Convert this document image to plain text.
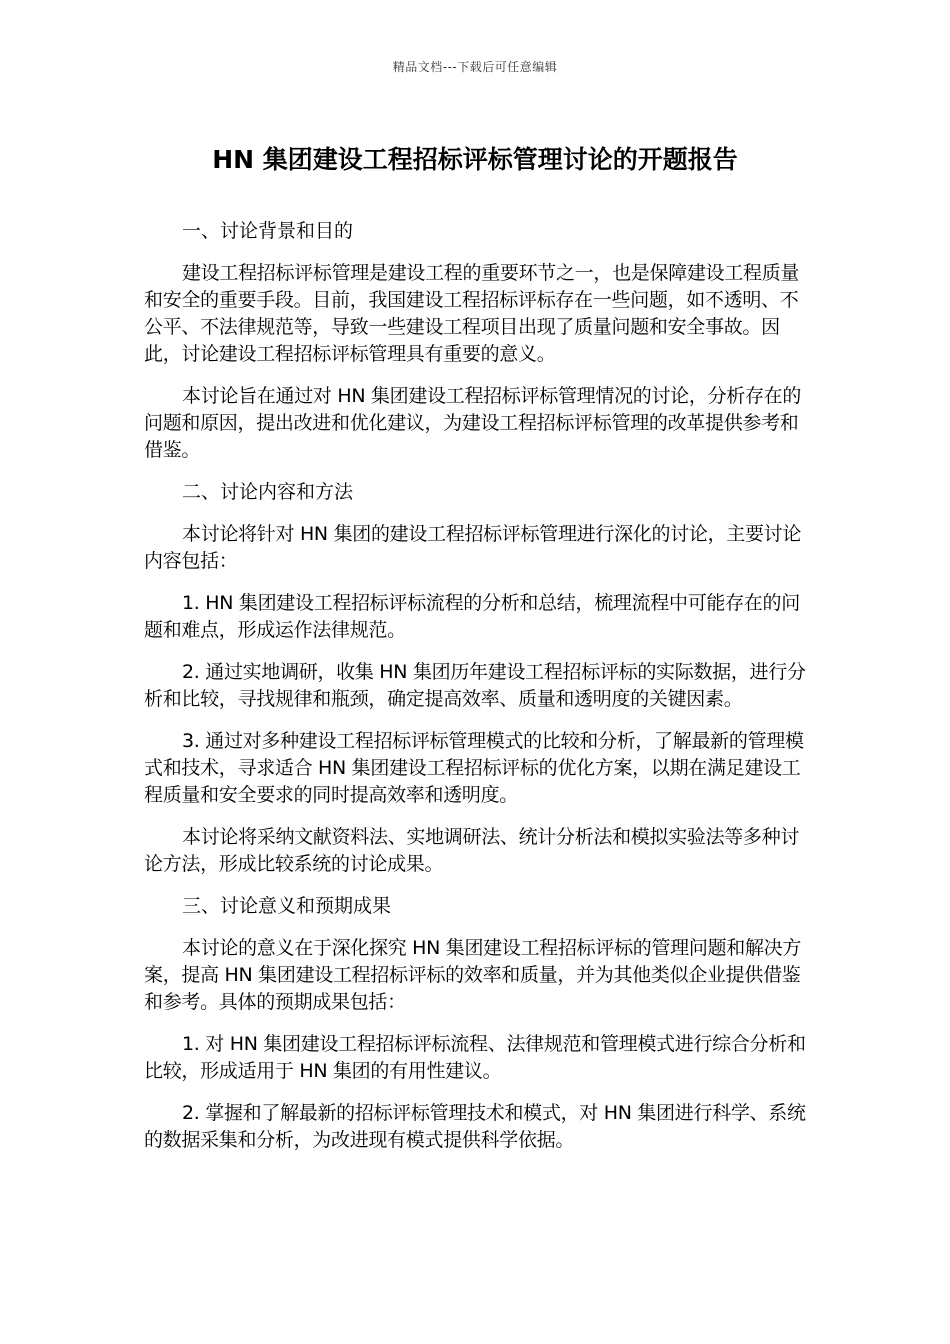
精品文档---下载后可任意编辑
HN 集团建设工程招标评标管理讨论的开题报告

一、讨论背景和目的

建设工程招标评标管理是建设工程的重要环节之一，也是保障建设工程质量和安全的重要手段。目前，我国建设工程招标评标存在一些问题，如不透明、不公平、不法律规范等，导致一些建设工程项目出现了质量问题和安全事故。因此，讨论建设工程招标评标管理具有重要的意义。

本讨论旨在通过对 HN 集团建设工程招标评标管理情况的讨论，分析存在的问题和原因，提出改进和优化建议，为建设工程招标评标管理的改革提供参考和借鉴。

二、讨论内容和方法

本讨论将针对 HN 集团的建设工程招标评标管理进行深化的讨论，主要讨论内容包括：

1. HN 集团建设工程招标评标流程的分析和总结，梳理流程中可能存在的问题和难点，形成运作法律规范。

2. 通过实地调研，收集 HN 集团历年建设工程招标评标的实际数据，进行分析和比较，寻找规律和瓶颈，确定提高效率、质量和透明度的关键因素。

3. 通过对多种建设工程招标评标管理模式的比较和分析，了解最新的管理模式和技术，寻求适合 HN 集团建设工程招标评标的优化方案，以期在满足建设工程质量和安全要求的同时提高效率和透明度。

本讨论将采纳文献资料法、实地调研法、统计分析法和模拟实验法等多种讨论方法，形成比较系统的讨论成果。

三、讨论意义和预期成果

本讨论的意义在于深化探究 HN 集团建设工程招标评标的管理问题和解决方案，提高 HN 集团建设工程招标评标的效率和质量，并为其他类似企业提供借鉴和参考。具体的预期成果包括：

1. 对 HN 集团建设工程招标评标流程、法律规范和管理模式进行综合分析和比较，形成适用于 HN 集团的有用性建议。

2. 掌握和了解最新的招标评标管理技术和模式，对 HN 集团进行科学、系统的数据采集和分析，为改进现有模式提供科学依据。
